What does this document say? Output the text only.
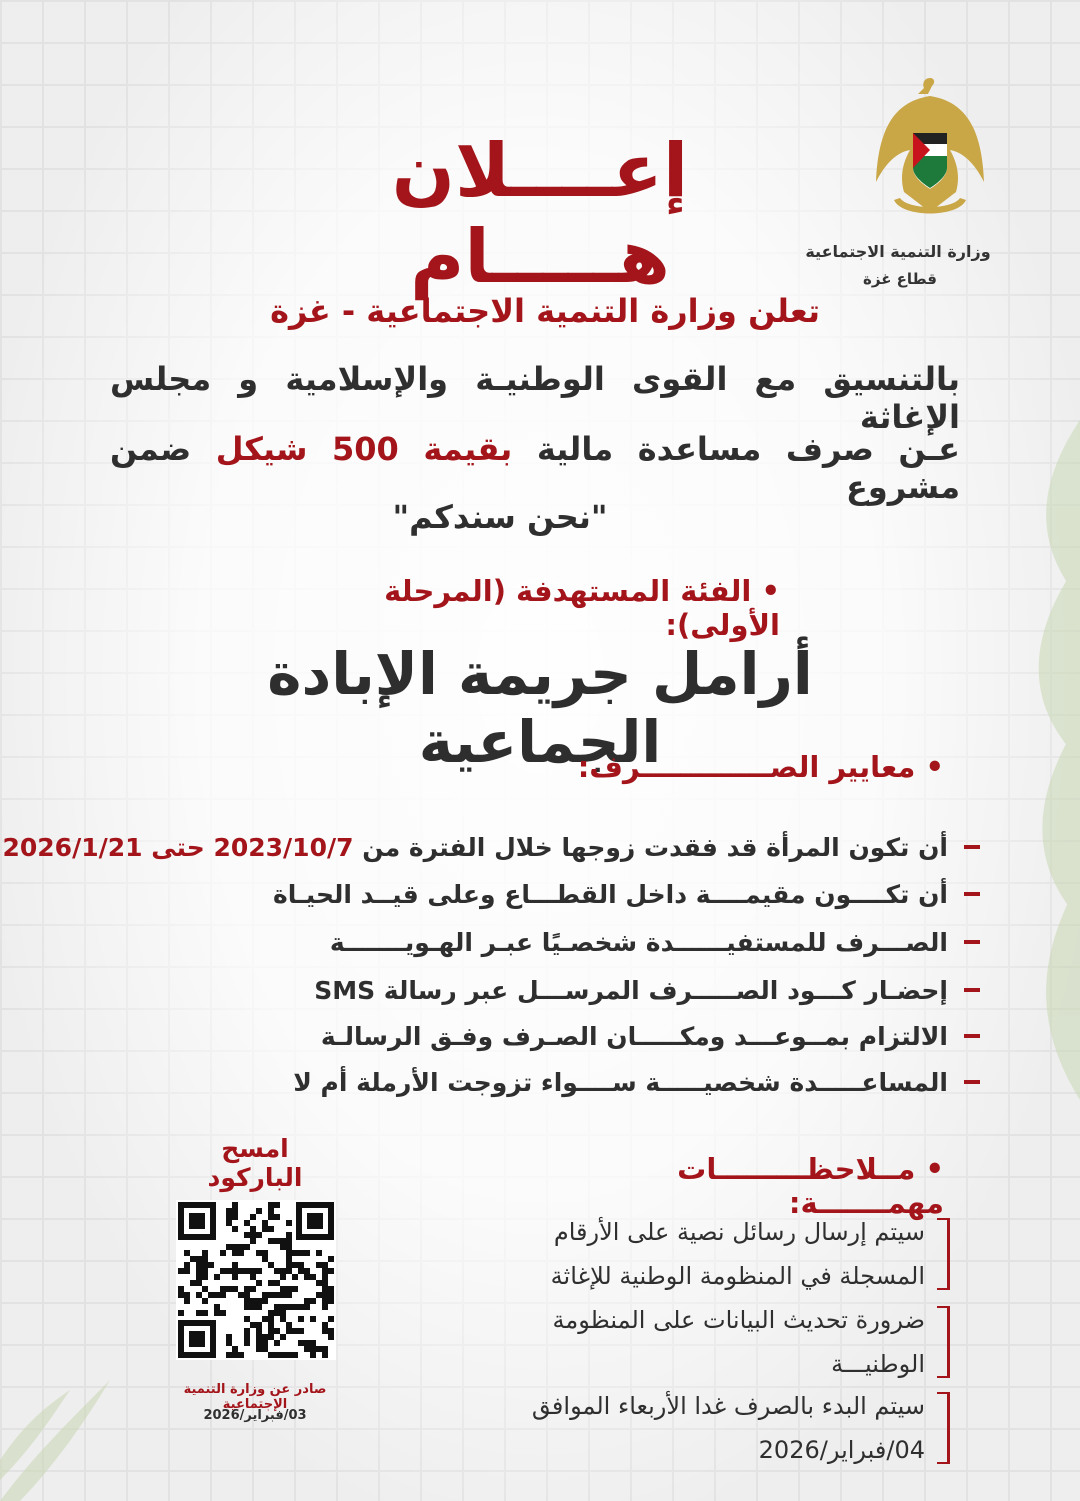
وزارة التنمية الاجتماعية
قطاع غزة
إعــــلان هـــــام
تعلن وزارة التنمية الاجتماعية - غزة
بالتنسيق مع القوى الوطنيـة والإسلامية و مجلس الإغاثة
عـن صرف مساعدة مالية بقيمة 500 شيكل ضمن مشروع
"نحن سندكم"
• الفئة المستهدفة (المرحلة الأولى):
أرامل جريمة الإبادة الجماعية
• معايير الصـــــــــــــرف:
أن تكون المرأة قد فقدت زوجها خلال الفترة من 2023/10/7 حتى 2026/1/21
أن تكــــون مقيمــــة داخل القطـــاع وعلى قيــد الحيـاة
الصـــرف للمستفيــــــدة شخصـيًا عبـر الهـويـــــــة
إحضـار كـــود الصـــــرف المرســـل عبر رسالة SMS
الالتزام بمــوعـــد ومكـــــان الصـرف وفـق الرسالـة
المساعـــــدة شخصيـــــة ســــواء تزوجت الأرملة أم لا
• مــلاحظـــــــــات مهمـــــــة:
سيتم إرسال رسائل نصية على الأرقام
المسجلة في المنظومة الوطنية للإغاثة
ضرورة تحديث البيانات على المنظومة
الوطنيـــة
سيتم البدء بالصرف غدا الأربعاء الموافق
04/فبراير/2026
امسح الباركود
صادر عن وزارة التنمية الإجتماعية
03/فبراير/2026
